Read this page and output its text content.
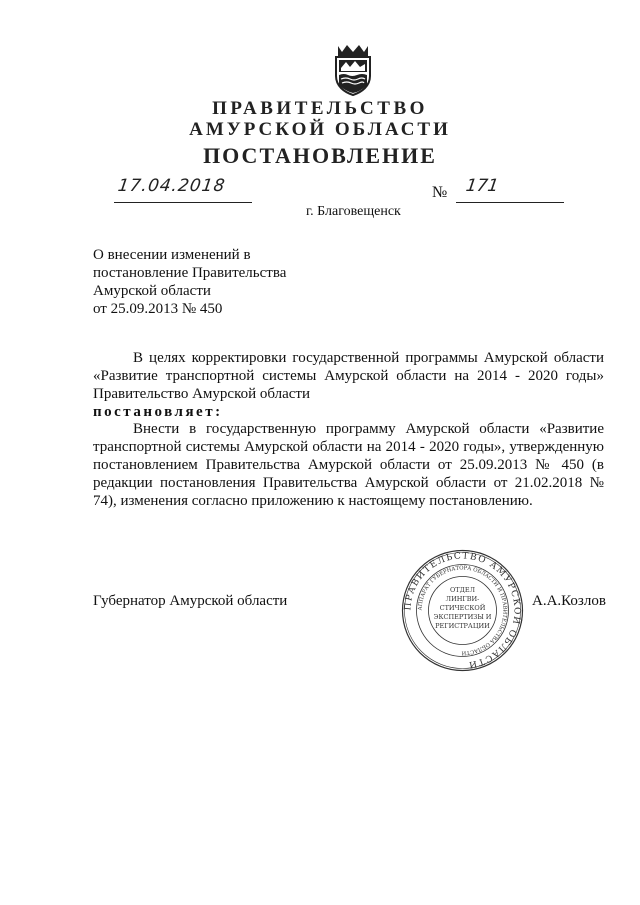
ПРАВИТЕЛЬСТВО
АМУРСКОЙ ОБЛАСТИ
ПОСТАНОВЛЕНИЕ
17.04.2018	№ 171
г. Благовещенск
О внесении изменений в
постановление Правительства
Амурской области
от 25.09.2013 № 450
В целях корректировки государственной программы Амурской области «Развитие транспортной системы Амурской области на 2014 - 2020 годы» Правительство Амурской области
постановляет:
Внести в государственную программу Амурской области «Развитие транспортной системы Амурской области на 2014 - 2020 годы», утвержденную постановлением Правительства Амурской области от 25.09.2013 № 450 (в редакции постановления Правительства Амурской области от 21.02.2018 № 74), изменения согласно приложению к настоящему постановлению.
Губернатор Амурской области	А.А.Козлов
ПРАВИТЕЛЬСТВО АМУРСКОЙ ОБЛАСТИ
АППАРАТ ГУБЕРНАТОРА ОБЛАСТИ И ПРАВИТЕЛЬСТВА ОБЛАСТИ
ОТДЕЛ
ЛИНГВИ-
СТИЧЕСКОЙ
ЭКСПЕРТИЗЫ И
РЕГИСТРАЦИИ
